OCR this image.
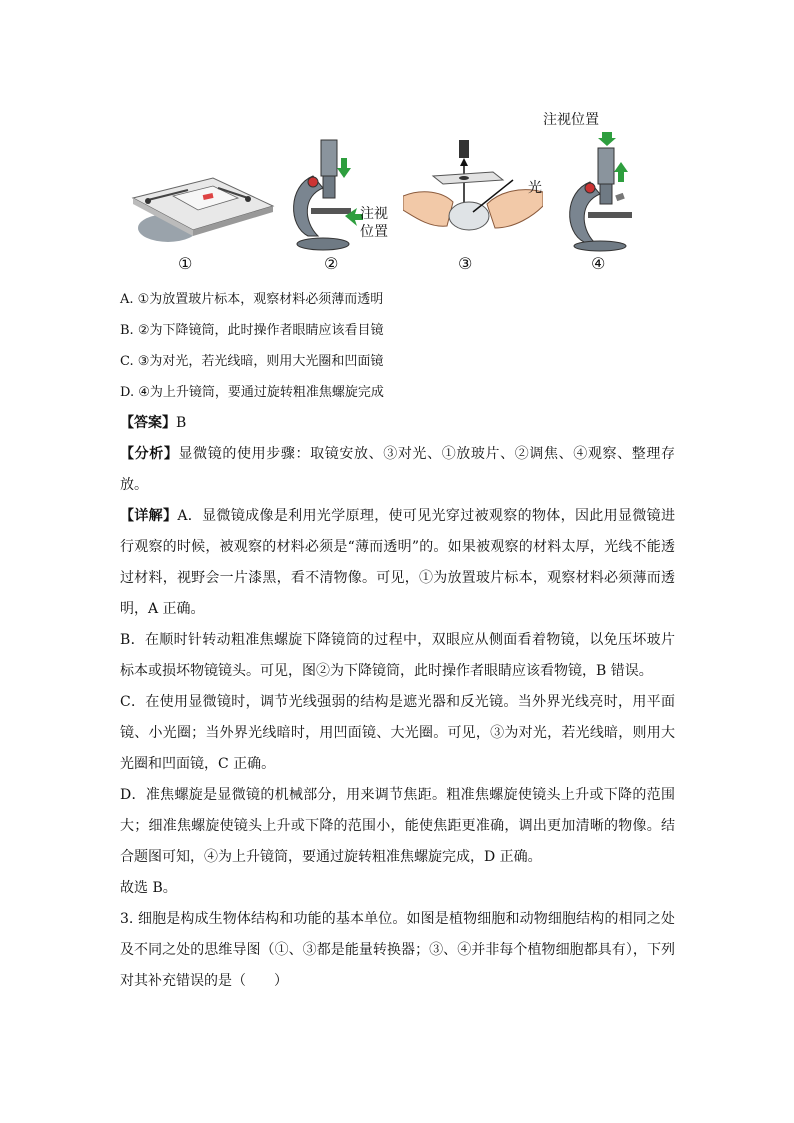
①
注视
位置
②
光
③
注视位置
④
A. ①为放置玻片标本，观察材料必须薄而透明
B. ②为下降镜筒，此时操作者眼睛应该看目镜
C. ③为对光，若光线暗，则用大光圈和凹面镜
D. ④为上升镜筒，要通过旋转粗准焦螺旋完成

【答案】B

【分析】显微镜的使用步骤：取镜安放、③对光、①放玻片、②调焦、④观察、整理存放。

【详解】A．显微镜成像是利用光学原理，使可见光穿过被观察的物体，因此用显微镜进行观察的时候，被观察的材料必须是“薄而透明”的。如果被观察的材料太厚，光线不能透过材料，视野会一片漆黑，看不清物像。可见，①为放置玻片标本，观察材料必须薄而透明，A 正确。

B．在顺时针转动粗准焦螺旋下降镜筒的过程中，双眼应从侧面看着物镜，以免压坏玻片标本或损坏物镜镜头。可见，图②为下降镜筒，此时操作者眼睛应该看物镜，B 错误。

C．在使用显微镜时，调节光线强弱的结构是遮光器和反光镜。当外界光线亮时，用平面镜、小光圈；当外界光线暗时，用凹面镜、大光圈。可见，③为对光，若光线暗，则用大光圈和凹面镜，C 正确。

D．准焦螺旋是显微镜的机械部分，用来调节焦距。粗准焦螺旋使镜头上升或下降的范围大；细准焦螺旋使镜头上升或下降的范围小，能使焦距更准确，调出更加清晰的物像。结合题图可知，④为上升镜筒，要通过旋转粗准焦螺旋完成，D 正确。

故选 B。

3. 细胞是构成生物体结构和功能的基本单位。如图是植物细胞和动物细胞结构的相同之处及不同之处的思维导图（①、③都是能量转换器；③、④并非每个植物细胞都具有），下列对其补充错误的是（　　）
